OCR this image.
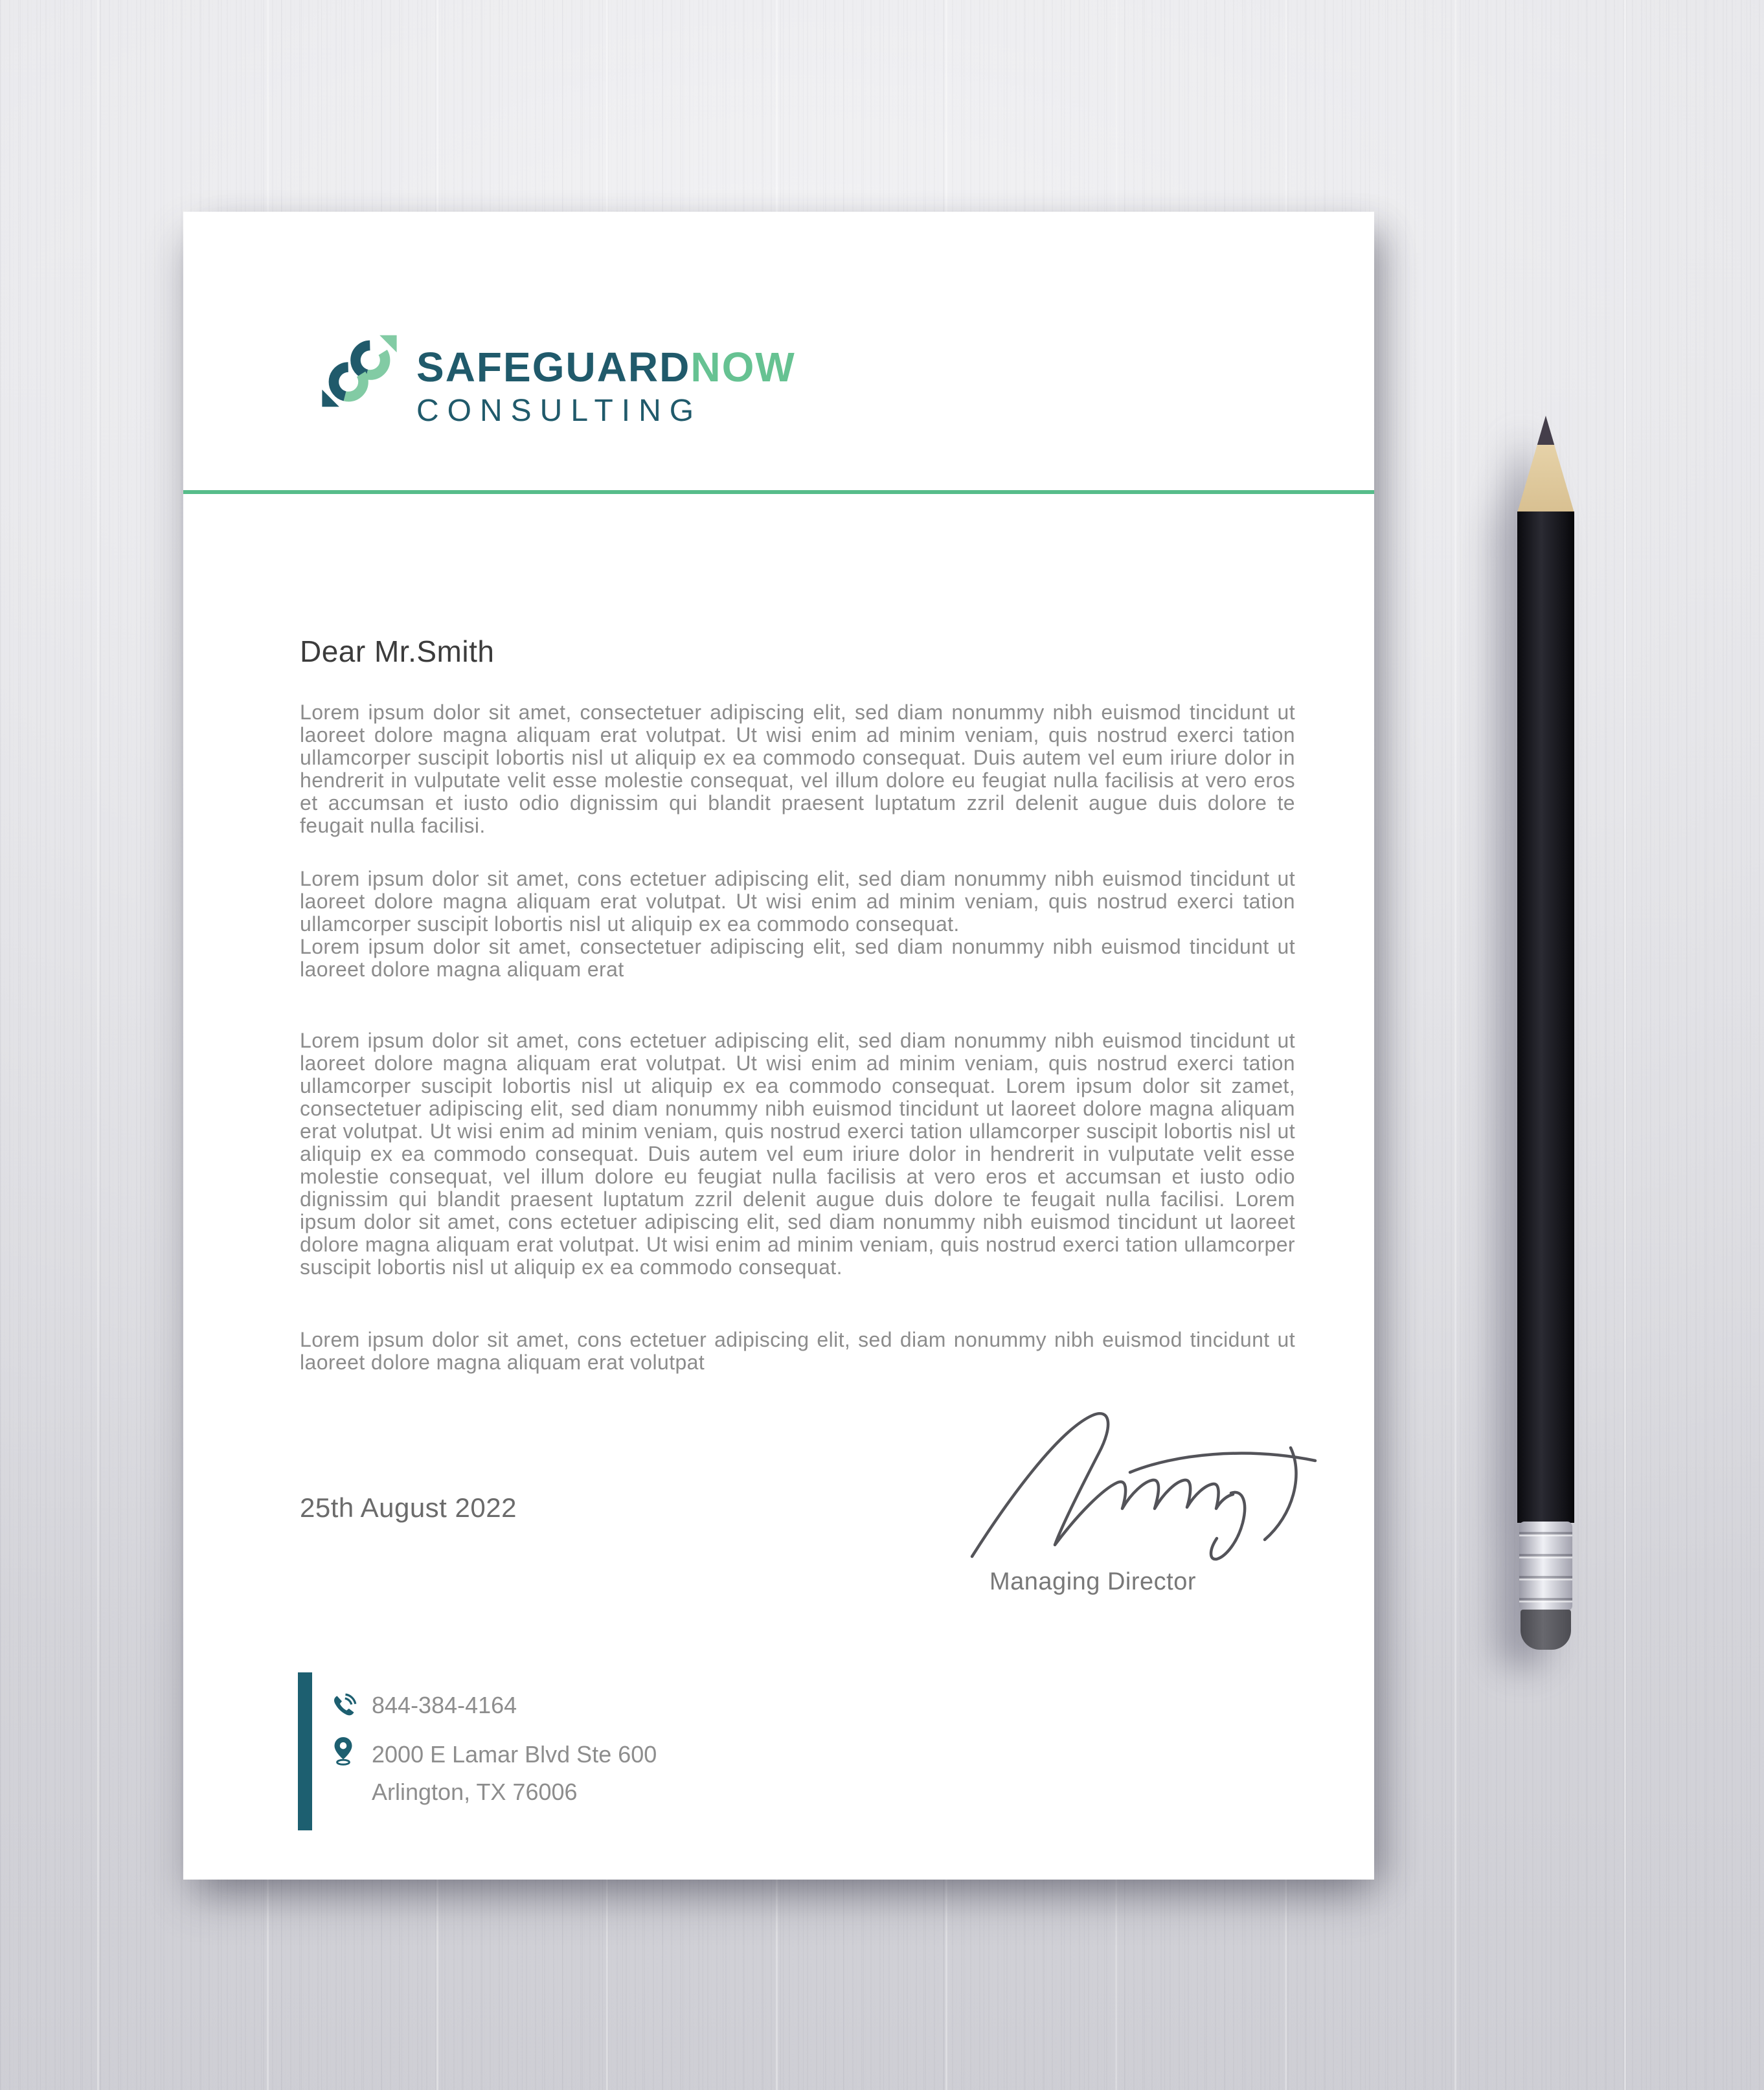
SAFEGUARDNOW
CONSULTING
Dear Mr.Smith
Lorem ipsum dolor sit amet, consectetuer adipiscing elit, sed diam nonummy nibh euismod tincidunt ut laoreet dolore magna aliquam erat volutpat. Ut wisi enim ad minim veniam, quis nostrud exerci tation ullamcorper suscipit lobortis nisl ut aliquip ex ea commodo consequat. Duis autem vel eum iriure dolor in hendrerit in vulputate velit esse molestie consequat, vel illum dolore eu feugiat nulla facilisis at vero eros et accumsan et iusto odio dignissim qui blandit praesent luptatum zzril delenit augue duis dolore te feugait nulla facilisi.

Lorem ipsum dolor sit amet, cons ectetuer adipiscing elit, sed diam nonummy nibh euismod tincidunt ut laoreet dolore magna aliquam erat volutpat. Ut wisi enim ad minim veniam, quis nostrud exerci tation ullamcorper suscipit lobortis nisl ut aliquip ex ea commodo consequat.

Lorem ipsum dolor sit amet, consectetuer adipiscing elit, sed diam nonummy nibh euismod tincidunt ut laoreet dolore magna aliquam erat

Lorem ipsum dolor sit amet, cons ectetuer adipiscing elit, sed diam nonummy nibh euismod tincidunt ut laoreet dolore magna aliquam erat volutpat. Ut wisi enim ad minim veniam, quis nostrud exerci tation ullamcorper suscipit lobortis nisl ut aliquip ex ea commodo consequat. Lorem ipsum dolor sit zamet, consectetuer adipiscing elit, sed diam nonummy nibh euismod tincidunt ut laoreet dolore magna aliquam erat volutpat. Ut wisi enim ad minim veniam, quis nostrud exerci tation ullamcorper suscipit lobortis nisl ut aliquip ex ea commodo consequat. Duis autem vel eum iriure dolor in hendrerit in vulputate velit esse molestie consequat, vel illum dolore eu feugiat nulla facilisis at vero eros et accumsan et iusto odio dignissim qui blandit praesent luptatum zzril delenit augue duis dolore te feugait nulla facilisi. Lorem ipsum dolor sit amet, cons ectetuer adipiscing elit, sed diam nonummy nibh euismod tincidunt ut laoreet dolore magna aliquam erat volutpat. Ut wisi enim ad minim veniam, quis nostrud exerci tation ullamcorper suscipit lobortis nisl ut aliquip ex ea commodo consequat.
Lorem ipsum dolor sit amet, cons ectetuer adipiscing elit, sed diam nonummy nibh euismod tincidunt ut laoreet dolore magna aliquam erat volutpat
25th August 2022
Managing Director
844-384-4164
2000 E Lamar Blvd Ste 600
Arlington, TX 76006
